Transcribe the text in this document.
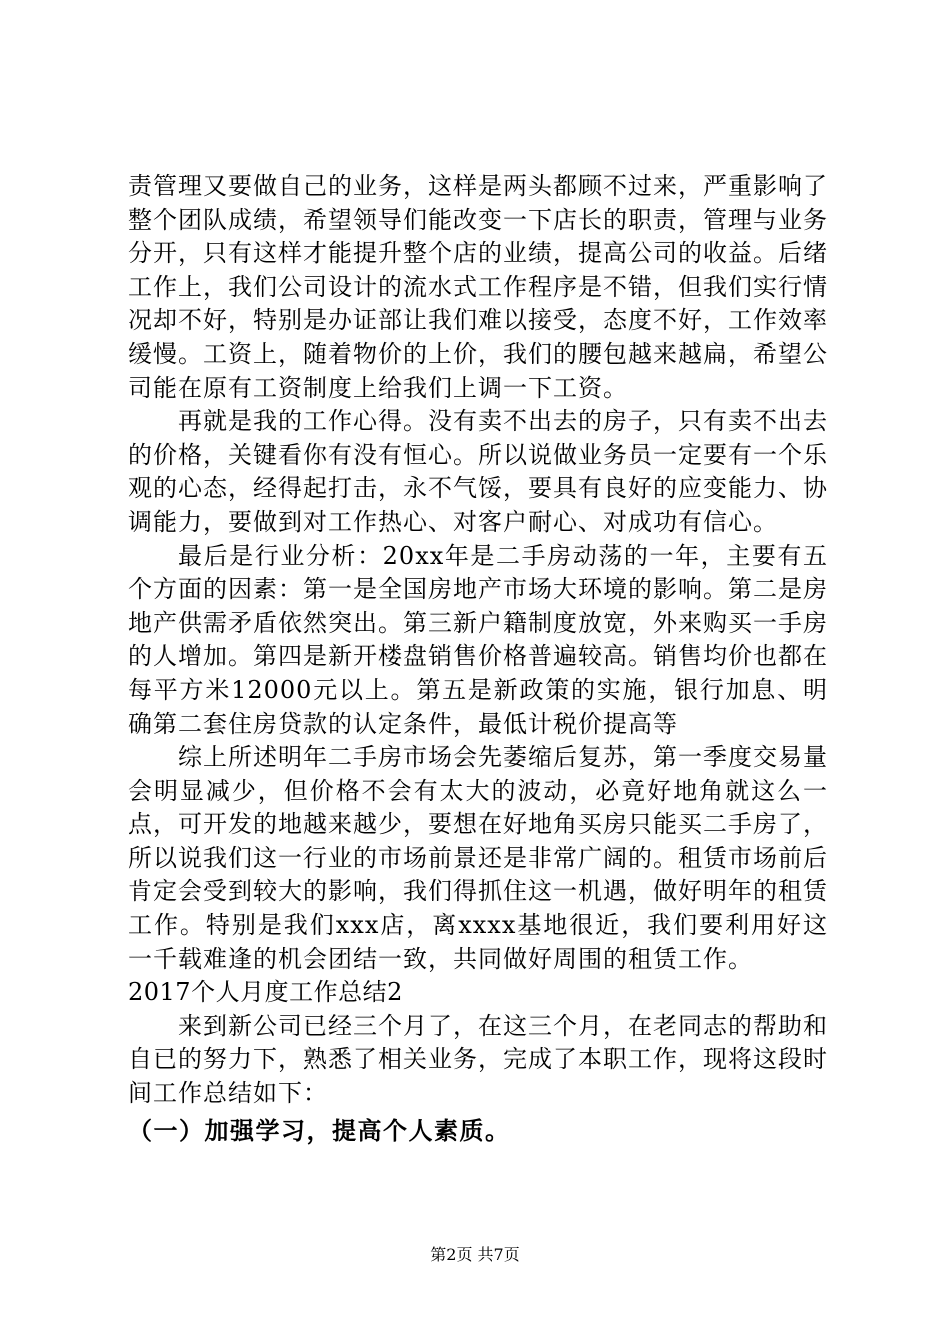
责管理又要做自己的业务，这样是两头都顾不过来，严重影响了整个团队成绩，希望领导们能改变一下店长的职责，管理与业务分开，只有这样才能提升整个店的业绩，提高公司的收益。后绪工作上，我们公司设计的流水式工作程序是不错，但我们实行情况却不好，特别是办证部让我们难以接受，态度不好，工作效率缓慢。工资上，随着物价的上价，我们的腰包越来越扁，希望公司能在原有工资制度上给我们上调一下工资。

再就是我的工作心得。没有卖不出去的房子，只有卖不出去的价格，关键看你有没有恒心。所以说做业务员一定要有一个乐观的心态，经得起打击，永不气馁，要具有良好的应变能力、协调能力，要做到对工作热心、对客户耐心、对成功有信心。

最后是行业分析：20xx年是二手房动荡的一年，主要有五个方面的因素：第一是全国房地产市场大环境的影响。第二是房地产供需矛盾依然突出。第三新户籍制度放宽，外来购买一手房的人增加。第四是新开楼盘销售价格普遍较高。销售均价也都在每平方米12000元以上。第五是新政策的实施，银行加息、明确第二套住房贷款的认定条件，最低计税价提高等

综上所述明年二手房市场会先萎缩后复苏，第一季度交易量会明显减少，但价格不会有太大的波动，必竟好地角就这么一点，可开发的地越来越少，要想在好地角买房只能买二手房了，所以说我们这一行业的市场前景还是非常广阔的。租赁市场前后肯定会受到较大的影响，我们得抓住这一机遇，做好明年的租赁工作。特别是我们xxx店，离xxxx基地很近，我们要利用好这一千载难逢的机会团结一致，共同做好周围的租赁工作。

2017个人月度工作总结2

来到新公司已经三个月了，在这三个月，在老同志的帮助和自已的努力下，熟悉了相关业务，完成了本职工作，现将这段时间工作总结如下：

（一）加强学习，提高个人素质。

第2页 共7页
